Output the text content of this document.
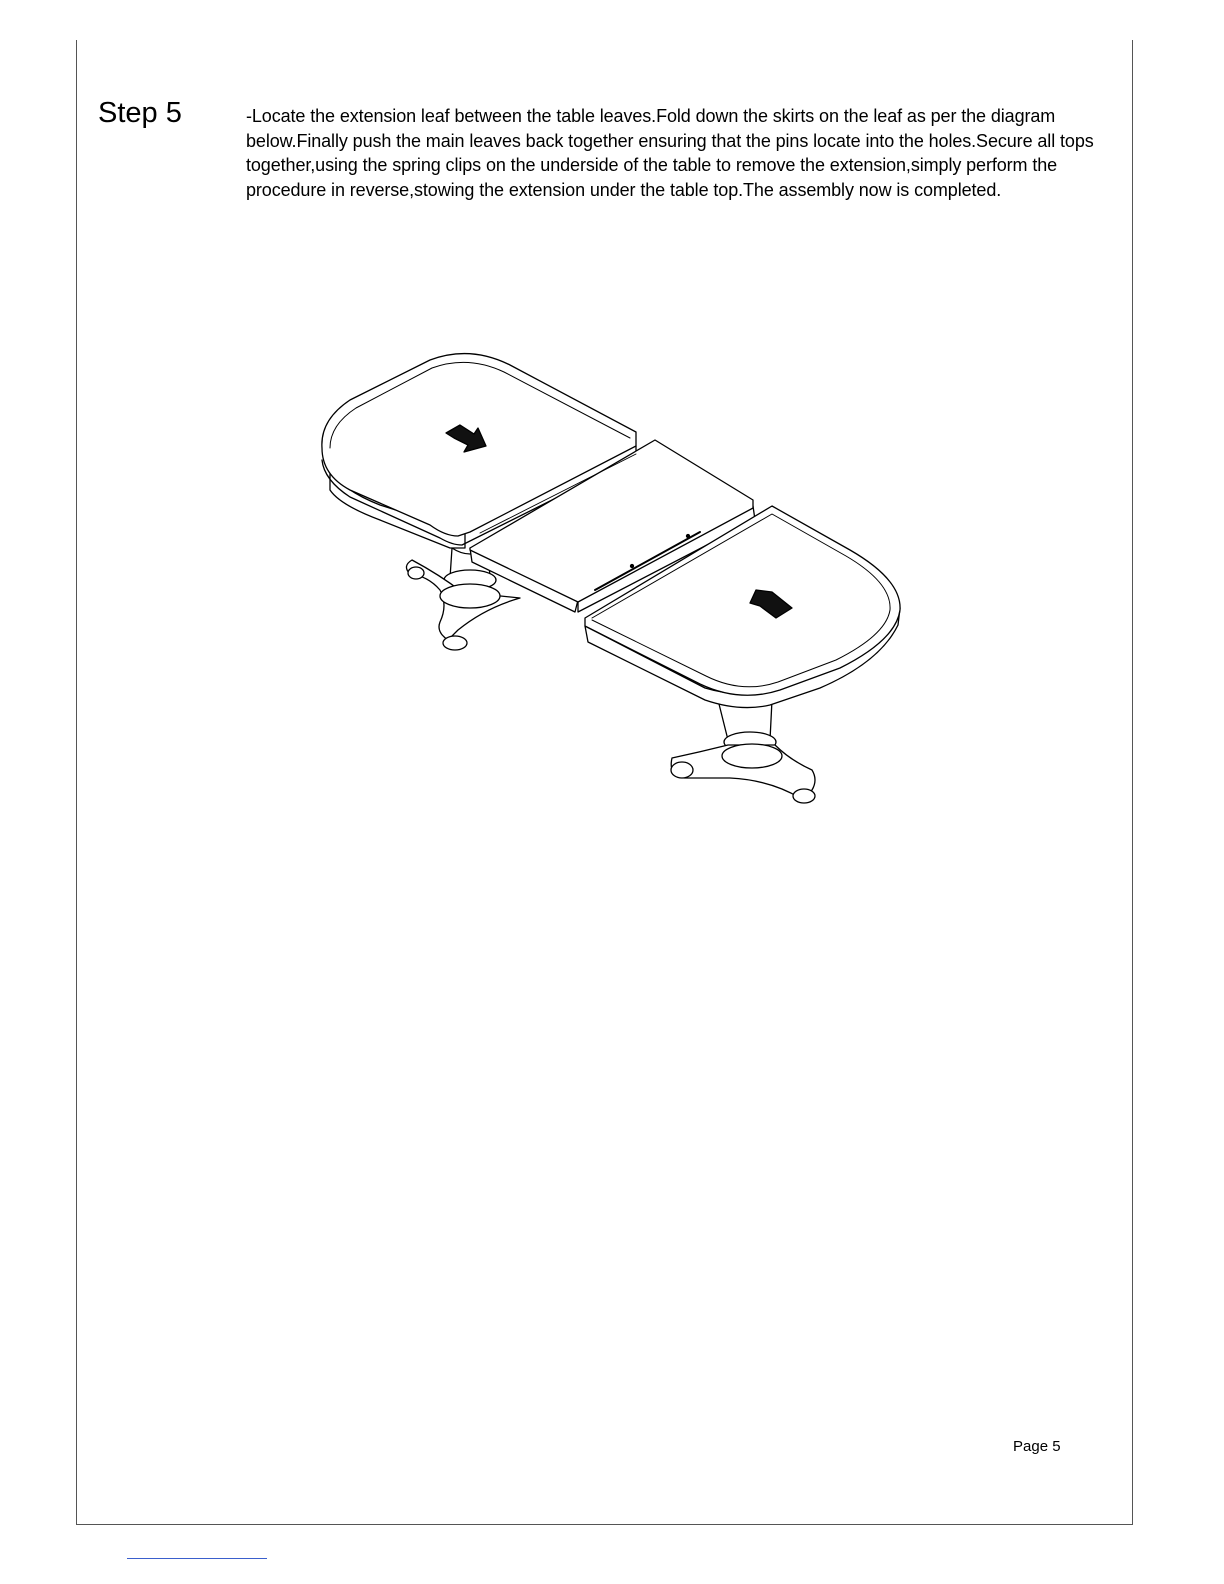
Step 5	-Locate the extension leaf between the table leaves.Fold down the skirts on the leaf as per the diagram below.Finally push the main leaves back together ensuring that the pins locate into the holes.Secure all tops together,using the spring clips on the underside of the table to remove the extension,simply perform the procedure in reverse,stowing the extension under the table top.The assembly now is completed.

Page 5
